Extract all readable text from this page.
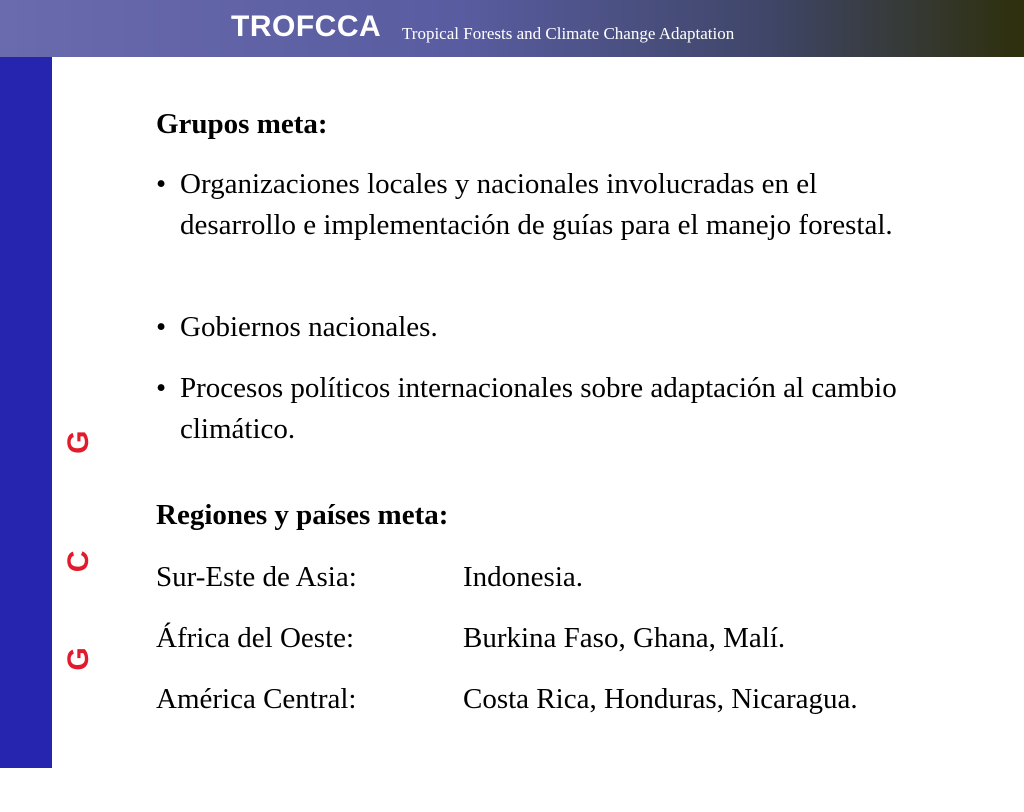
TROFCCA Tropical Forests and Climate Change Adaptation
CATIEGrupo Cambio Global
Grupos meta:
• Organizaciones locales y nacionales involucradas en el desarrollo e implementación de guías para el manejo forestal.
• Gobiernos nacionales.
• Procesos políticos internacionales sobre adaptación al cambio climático.
Regiones y países meta:
Sur-Este de Asia:	Indonesia.
África del Oeste:	Burkina Faso, Ghana, Malí.
América Central:	Costa Rica, Honduras, Nicaragua.
